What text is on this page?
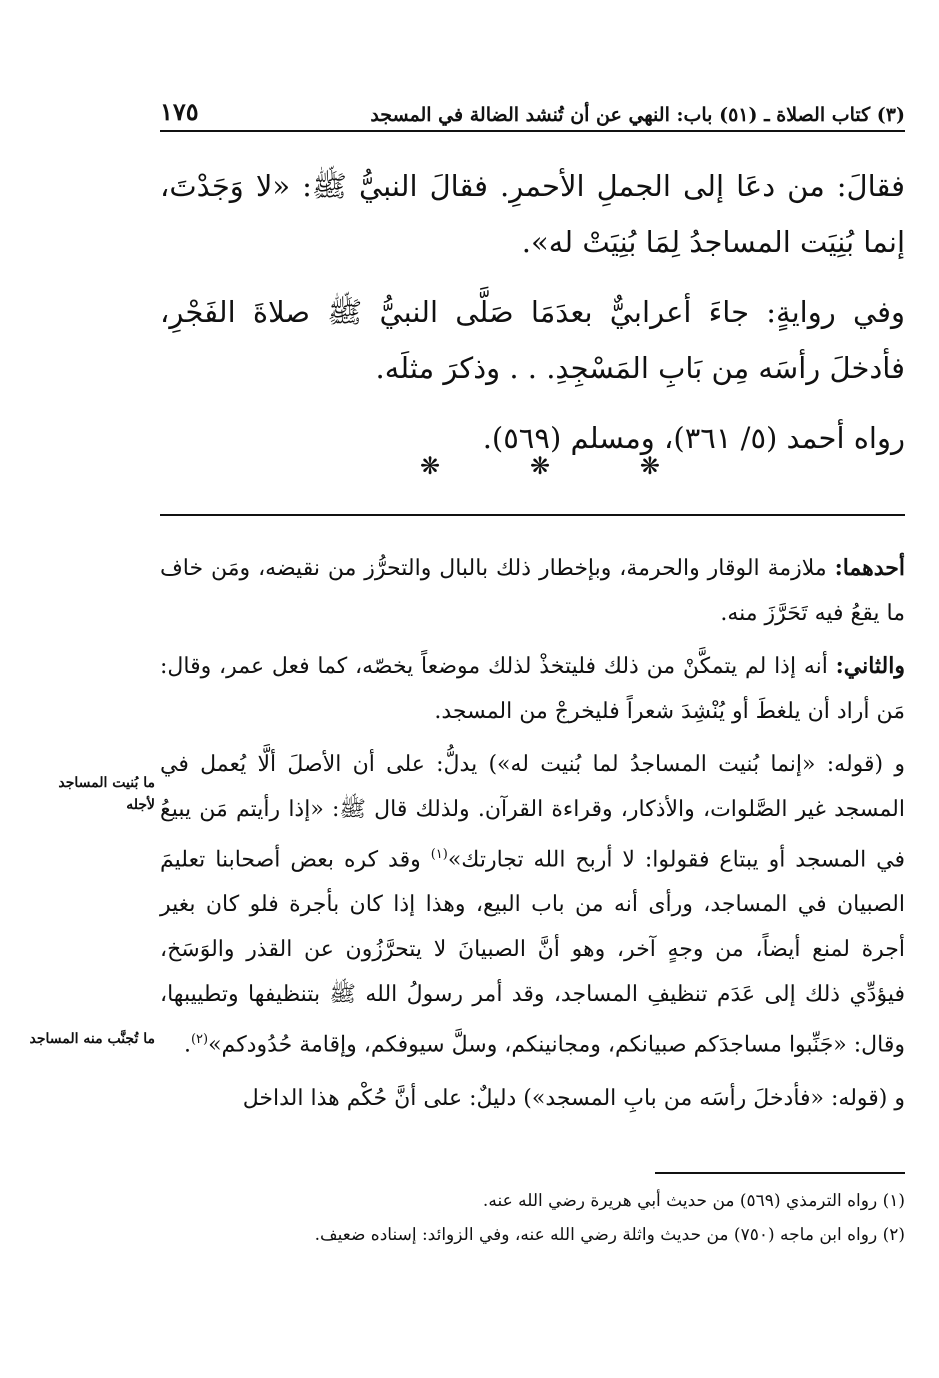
(٣) كتاب الصلاة ـ (٥١) باب: النهي عن أن تُنشد الضالة في المسجد
١٧٥

فقالَ: من دعَا إلى الجملِ الأحمرِ. فقالَ النبيُّ ﷺ: «لا وَجَدْتَ، إنما بُنِيَت المساجدُ لِمَا بُنِيَتْ له».

وفي روايةٍ: جاءَ أعرابيٌّ بعدَمَا صَلَّى النبيُّ ﷺ صلاةَ الفَجْرِ، فأدخلَ رأسَه مِن بَابِ المَسْجِدِ. . . وذكرَ مثلَه.

رواه أحمد (٥/ ٣٦١)، ومسلم (٥٦٩).

❋	❋	❋

أحدهما: ملازمة الوقار والحرمة، وبإخطار ذلك بالبال والتحرُّز من نقيضه، ومَن خاف ما يقعُ فيه تَحَرَّزَ منه.

والثاني: أنه إذا لم يتمكَّنْ من ذلك فليتخذْ لذلك موضعاً يخصّه، كما فعل عمر، وقال: مَن أراد أن يلغطَ أو يُنْشِدَ شعراً فليخرجْ من المسجد.

و (قوله: «إنما بُنيت المساجدُ لما بُنيت له») يدلُّ: على أن الأصلَ ألَّا يُعمل في المسجد غير الصَّلوات، والأذكار، وقراءة القرآن. ولذلك قال ﷺ: «إذا رأيتم مَن يبيعُ في المسجد أو يبتاع فقولوا: لا أربح الله تجارتك»$^{(١)}$ وقد كره بعض أصحابنا تعليمَ الصبيان في المساجد، ورأى أنه من باب البيع، وهذا إذا كان بأجرة فلو كان بغير أجرة لمنع أيضاً، من وجهٍ آخر، وهو أنَّ الصبيانَ لا يتحرَّزُون عن القذر والوَسَخ، فيؤدِّي ذلك إلى عَدَم تنظيفِ المساجد، وقد أمر رسولُ الله ﷺ بتنظيفها وتطييبها، وقال: «جَنِّبوا مساجدَكم صبيانكم، ومجانينكم، وسلَّ سيوفكم، وإقامة حُدُودكم»$^{(٢)}$.

و (قوله: «فأدخلَ رأسَه من بابِ المسجد») دليلٌ: على أنَّ حُكْم هذا الداخل

ما بُنيت المساجد لأجله
ما تُجنَّب منه المساجد
(١) رواه الترمذي (٥٦٩) من حديث أبي هريرة رضي الله عنه.
(٢) رواه ابن ماجه (٧٥٠) من حديث واثلة رضي الله عنه، وفي الزوائد: إسناده ضعيف.
